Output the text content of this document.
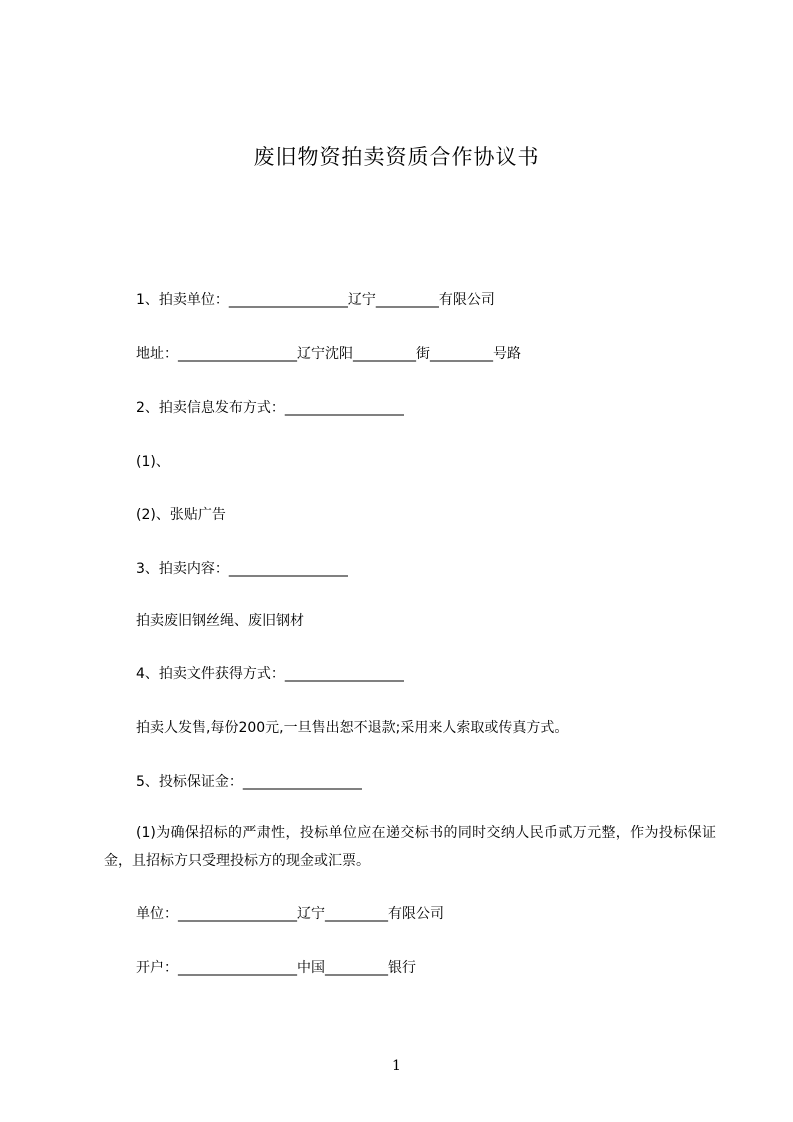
废旧物资拍卖资质合作协议书
1、拍卖单位：_________________辽宁_________有限公司
地址：_________________辽宁沈阳_________街_________号路
2、拍卖信息发布方式：_________________
(1)、
(2)、张贴广告
3、拍卖内容：_________________
拍卖废旧钢丝绳、废旧钢材
4、拍卖文件获得方式：_________________
拍卖人发售,每份200元,一旦售出恕不退款;采用来人索取或传真方式。
5、投标保证金：_________________
(1)为确保招标的严肃性，投标单位应在递交标书的同时交纳人民币贰万元整，作为投标保证金，且招标方只受理投标方的现金或汇票。
单位：_________________辽宁_________有限公司
开户：_________________中国_________银行
1
